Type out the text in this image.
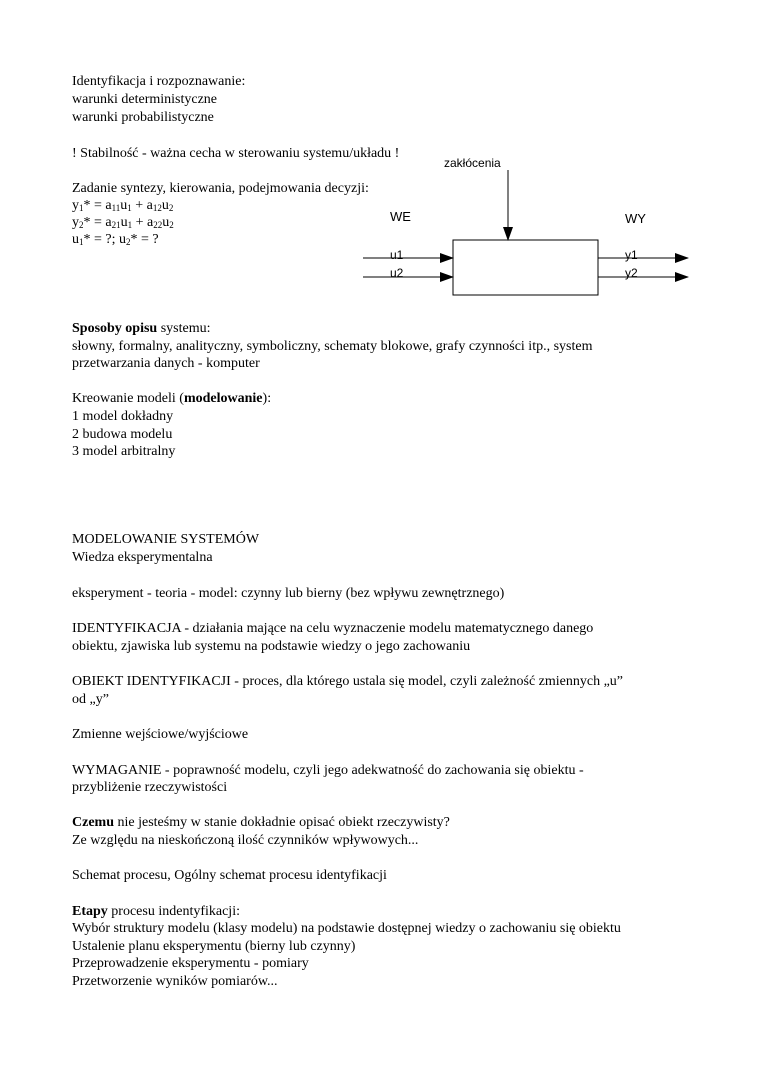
Identyfikacja i rozpoznawanie:
warunki deterministyczne
warunki probabilistyczne
! Stabilność - ważna cecha w sterowaniu systemu/układu !
Zadanie syntezy, kierowania, podejmowania decyzji:
$y_1* = a_{11}u_1 + a_{12}u_2$
$y_2* = a_{21}u_1 + a_{22}u_2$
$u_1*$ = ?; $u_2*$ = ?
zakłócenia
WE	WY
u1
u2
y1
y2
Sposoby opisu systemu:
słowny, formalny, analityczny, symboliczny, schematy blokowe, grafy czynności itp., system
przetwarzania danych - komputer
Kreowanie modeli (modelowanie):
1 model dokładny
2 budowa modelu
3 model arbitralny
MODELOWANIE SYSTEMÓW
Wiedza eksperymentalna
eksperyment - teoria - model: czynny lub bierny (bez wpływu zewnętrznego)
IDENTYFIKACJA - działania mające na celu wyznaczenie modelu matematycznego danego
obiektu, zjawiska lub systemu na podstawie wiedzy o jego zachowaniu
OBIEKT IDENTYFIKACJI - proces, dla którego ustala się model, czyli zależność zmiennych „u”
od „y”
Zmienne wejściowe/wyjściowe
WYMAGANIE - poprawność modelu, czyli jego adekwatność do zachowania się obiektu -
przybliżenie rzeczywistości
Czemu nie jesteśmy w stanie dokładnie opisać obiekt rzeczywisty?
Ze względu na nieskończoną ilość czynników wpływowych...
Schemat procesu, Ogólny schemat procesu identyfikacji
Etapy procesu indentyfikacji:
Wybór struktury modelu (klasy modelu) na podstawie dostępnej wiedzy o zachowaniu się obiektu
Ustalenie planu eksperymentu (bierny lub czynny)
Przeprowadzenie eksperymentu - pomiary
Przetworzenie wyników pomiarów...
